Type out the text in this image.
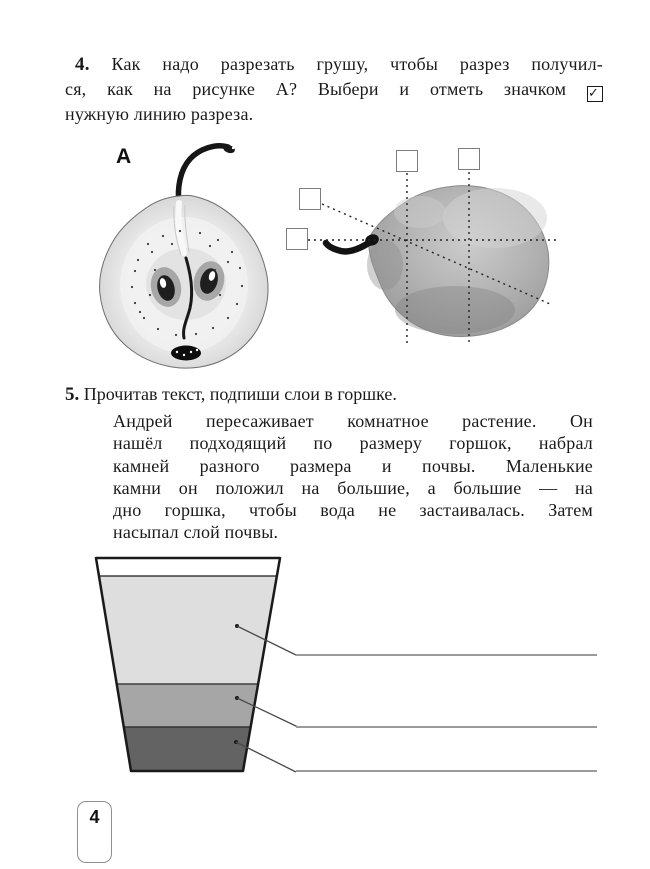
4. Как надо разрезать грушу, чтобы разрез получил-
ся, как на рисунке А? Выбери и отметь значком ✓
нужную линию разреза.
А
5. Прочитав текст, подпиши слои в горшке.
Андрей пересаживает комнатное растение. Он
нашёл подходящий по размеру горшок, набрал
камней разного размера и почвы. Маленькие
камни он положил на большие, а большие — на
дно горшка, чтобы вода не застаивалась. Затем
насыпал слой почвы.
4
